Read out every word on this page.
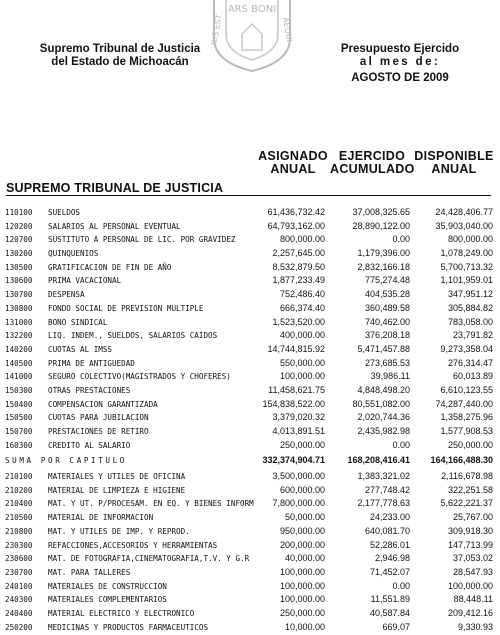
ARS BONI
IUS EST	AEQUI
Supremo Tribunal de Justicia
del Estado de Michoacán
Presupuesto Ejercido
al mes de:
AGOSTO DE 2009
ASIGNADO
ANUAL
EJERCIDO
ACUMULADO
DISPONIBLE
ANUAL
SUPREMO TRIBUNAL DE JUSTICIA
110100 SUELDOS	61,436,732.42	37,008,325.65	24,428,406.77
120200 SALARIOS AL PERSONAL EVENTUAL	64,793,162.00	28,890,122.00	35,903,040.00
120700 SUSTITUTO A PERSONAL DE LIC. POR GRAVIDEZ	800,000.00	0.00	800,000.00
130200 QUINQUENIOS	2,257,645.00	1,179,396.00	1,078,249.00
130500 GRATIFICACION DE FIN DE AÑO	8,532,879.50	2,832,166.18	5,700,713.32
130600 PRIMA VACACIONAL	1,877,233.49	775,274.48	1,101,959.01
130700 DESPENSA	752,486.40	404,535.28	347,951.12
130800 FONDO SOCIAL DE PREVISION MULTIPLE	666,374.40	360,489.58	305,884.82
131000 BONO SINDICAL	1,523,520.00	740,462.00	783,058.00
132200 LIQ. INDEM., SUELDOS, SALARIOS CAIDOS	400,000.00	376,208.18	23,791.82
140200 CUOTAS AL IMSS	14,744,815.92	5,471,457.88	9,273,358.04
140500 PRIMA DE ANTIGUEDAD	550,000.00	273,685.53	276,314.47
141000 SEGURO COLECTIVO(MAGISTRADOS Y CHOFERES)	100,000.00	39,986.11	60,013.89
150300 OTRAS PRESTACIONES	11,458,621.75	4,848,498.20	6,610,123.55
150400 COMPENSACION GARANTIZADA	154,838,522.00	80,551,082.00	74,287,440.00
150500 CUOTAS PARA JUBILACION	3,379,020.32	2,020,744.36	1,358,275.96
150700 PRESTACIONES DE RETIRO	4,013,891.51	2,435,982.98	1,577,908.53
160300 CREDITO AL SALARIO	250,000.00	0.00	250,000.00
SUMA POR CAPITULO	332,374,904.71	168,208,416.41	164,166,488.30
210100 MATERIALES Y UTILES DE OFICINA	3,500,000.00	1,383,321.02	2,116,678.98
210200 MATERIAL DE LIMPIEZA E HIGIENE	600,000.00	277,748.42	322,251.58
210400 MAT. Y UT. P/PROCESAM. EN EQ. Y BIENES INFORM	7,800,000.00	2,177,778.63	5,622,221.37
210500 MATERIAL DE INFORMACION	50,000.00	24,233.00	25,767.00
210800 MAT. Y UTILES DE IMP. Y REPROD.	950,000.00	640,081.70	309,918.30
230300 REFACCIONES,ACCESORIOS Y HERRAMIENTAS	200,000.00	52,286.01	147,713.99
230600 MAT. DE FOTOGRAFIA,CINEMATOGRAFIA,T.V. Y G.R	40,000.00	2,946.98	37,053.02
230700 MAT. PARA TALLERES	100,000.00	71,452.07	28,547.93
240100 MATERIALES DE CONSTRUCCION	100,000.00	0.00	100,000.00
240300 MATERIALES COMPLEMENTARIOS	100,000.00	11,551.89	88,448.11
240400 MATERIAL ELECTRICO Y ELECTRONICO	250,000.00	40,587.84	209,412.16
250200 MEDICINAS Y PRODUCTOS FARMACEUTICOS	10,000.00	669.07	9,330.93
